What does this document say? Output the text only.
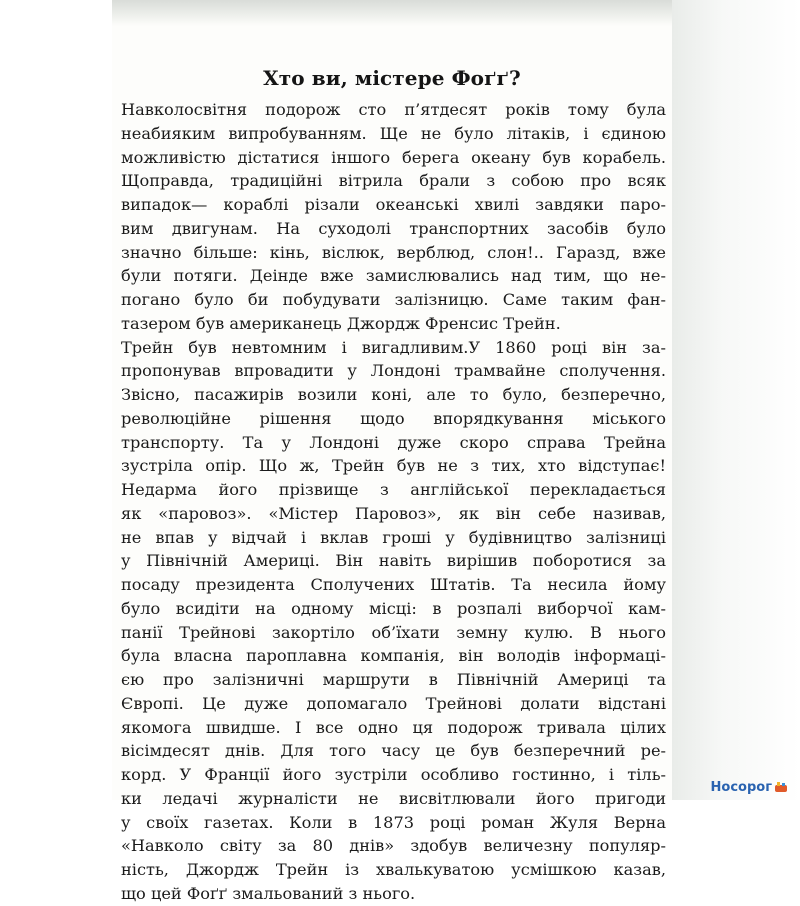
Хто ви, містере Фоґґ?
Навколосвітня подорож сто п’ятдесят років тому була
неабияким випробуванням. Ще не було літаків, і єдиною
можливістю дістатися іншого берега океану був корабель.
Щоправда, традиційні вітрила брали з собою про всяк
випадок— кораблі різали океанські хвилі завдяки паро-
вим двигунам. На суходолі транспортних засобів було
значно більше: кінь, віслюк, верблюд, слон!.. Гаразд, вже
були потяги. Деінде вже замислювались над тим, що не-
погано було би побудувати залізницю. Саме таким фан-
тазером був американець Джордж Френсис Трейн.
Трейн був невтомним і вигадливим.У 1860 році він за-
пропонував впровадити у Лондоні трамвайне сполучення.
Звісно, пасажирів возили коні, але то було, безперечно,
революційне рішення щодо впорядкування міського
транспорту. Та у Лондоні дуже скоро справа Трейна
зустріла опір. Що ж, Трейн був не з тих, хто відступає!
Недарма його прізвище з англійської перекладається
як «паровоз». «Містер Паровоз», як він себе називав,
не впав у відчай і вклав гроші у будівництво залізниці
у Північній Америці. Він навіть вирішив поборотися за
посаду президента Сполучених Штатів. Та несила йому
було всидіти на одному місці: в розпалі виборчої кам-
панії Трейнові закортіло об’їхати земну кулю. В нього
була власна пароплавна компанія, він володів інформаці-
єю про залізничні маршрути в Північній Америці та
Європі. Це дуже допомагало Трейнові долати відстані
якомога швидше. І все одно ця подорож тривала цілих
вісімдесят днів. Для того часу це був безперечний ре-
корд. У Франції його зустріли особливо гостинно, і тіль-
ки ледачі журналісти не висвітлювали його пригоди
у своїх газетах. Коли в 1873 році роман Жуля Верна
«Навколо світу за 80 днів» здобув величезну популяр-
ність, Джордж Трейн із хвалькуватою усмішкою казав,
що цей Фоґґ змальований з нього.
Носорог
